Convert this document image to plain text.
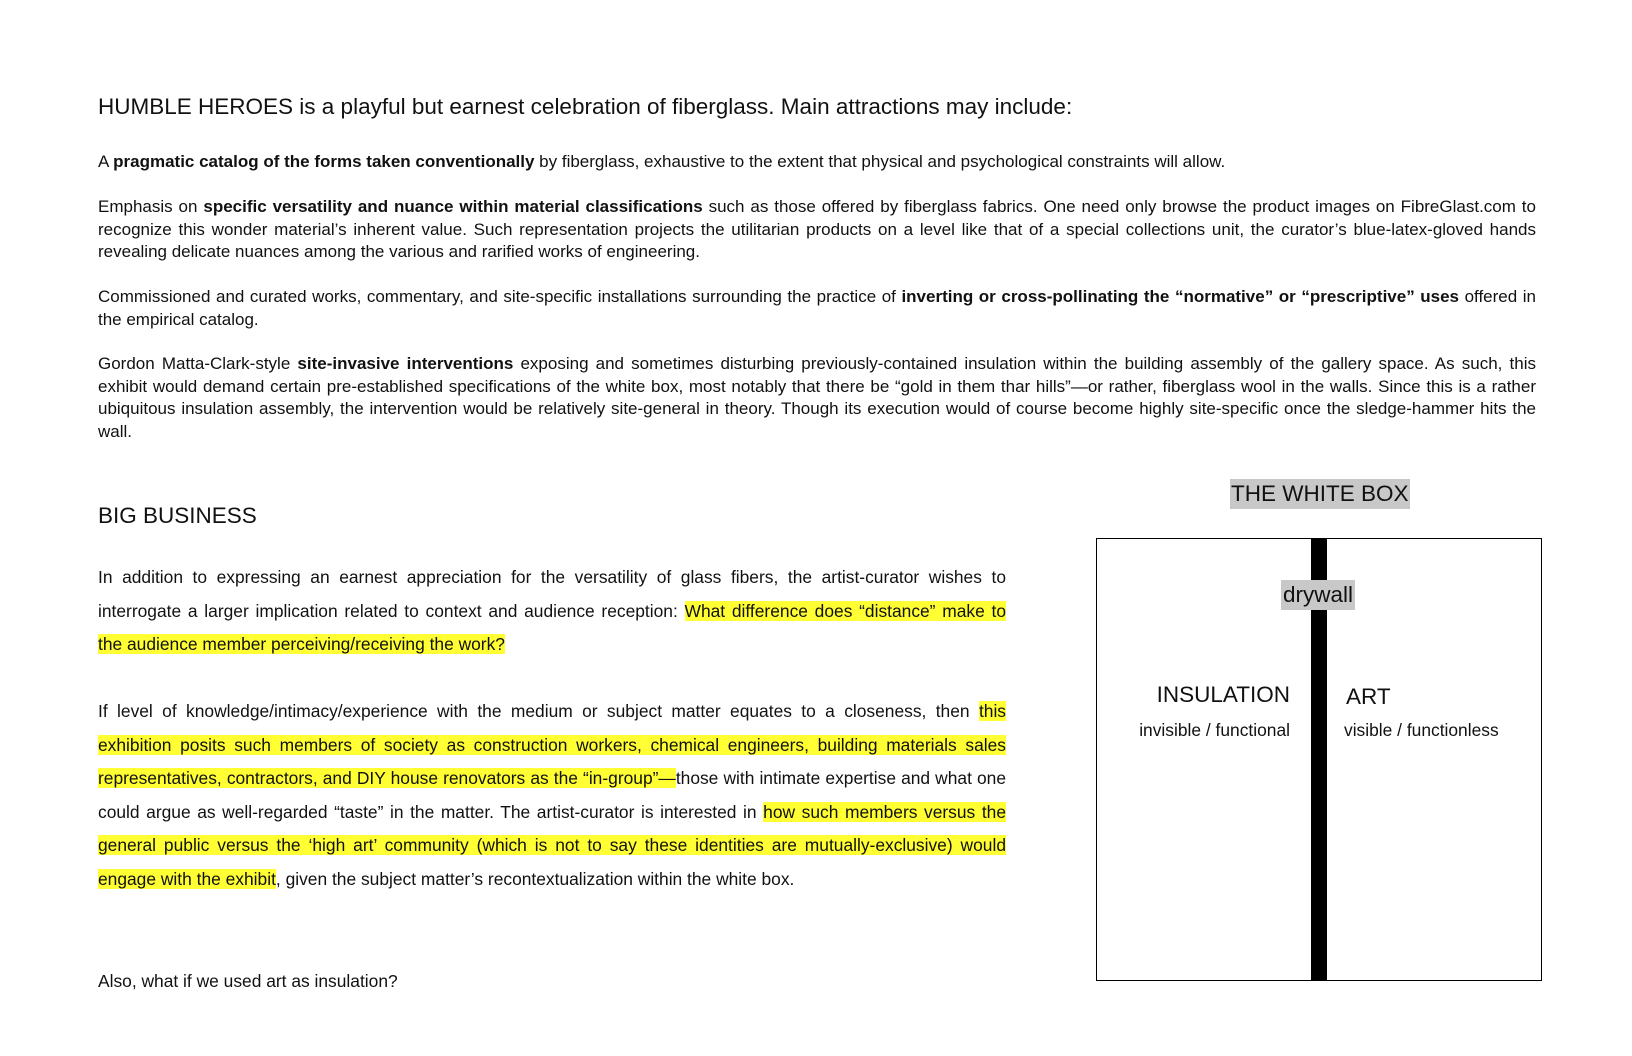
HUMBLE HEROES is a playful but earnest celebration of fiberglass. Main attractions may include:

A pragmatic catalog of the forms taken conventionally by fiberglass, exhaustive to the extent that physical and psychological constraints will allow.

Emphasis on specific versatility and nuance within material classifications such as those offered by fiberglass fabrics. One need only browse the product images on FibreGlast.com to recognize this wonder material’s inherent value. Such representation projects the utilitarian products on a level like that of a special collections unit, the curator’s blue-latex-gloved hands revealing delicate nuances among the various and rarified works of engineering.

Commissioned and curated works, commentary, and site-specific installations surrounding the practice of inverting or cross-pollinating the “normative” or “prescriptive” uses offered in the empirical catalog.

Gordon Matta-Clark-style site-invasive interventions exposing and sometimes disturbing previously-contained insulation within the building assembly of the gallery space. As such, this exhibit would demand certain pre-established specifications of the white box, most notably that there be “gold in them thar hills”—or rather, fiberglass wool in the walls. Since this is a rather ubiquitous insulation assembly, the intervention would be relatively site-general in theory. Though its execution would of course become highly site-specific once the sledge-hammer hits the wall.

BIG BUSINESS

In addition to expressing an earnest appreciation for the versatility of glass fibers, the artist-curator wishes to interrogate a larger implication related to context and audience reception: What difference does “distance” make to the audience member perceiving/receiving the work?

If level of knowledge/intimacy/experience with the medium or subject matter equates to a closeness, then this exhibition posits such members of society as construction workers, chemical engineers, building materials sales representatives, contractors, and DIY house renovators as the “in-group”—those with intimate expertise and what one could argue as well-regarded “taste” in the matter. The artist-curator is interested in how such members versus the general public versus the ‘high art’ community (which is not to say these identities are mutually-exclusive) would engage with the exhibit, given the subject matter’s recontextualization within the white box.

Also, what if we used art as insulation?

THE WHITE BOX
drywall
INSULATION
invisible / functional
ART
visible / functionless
